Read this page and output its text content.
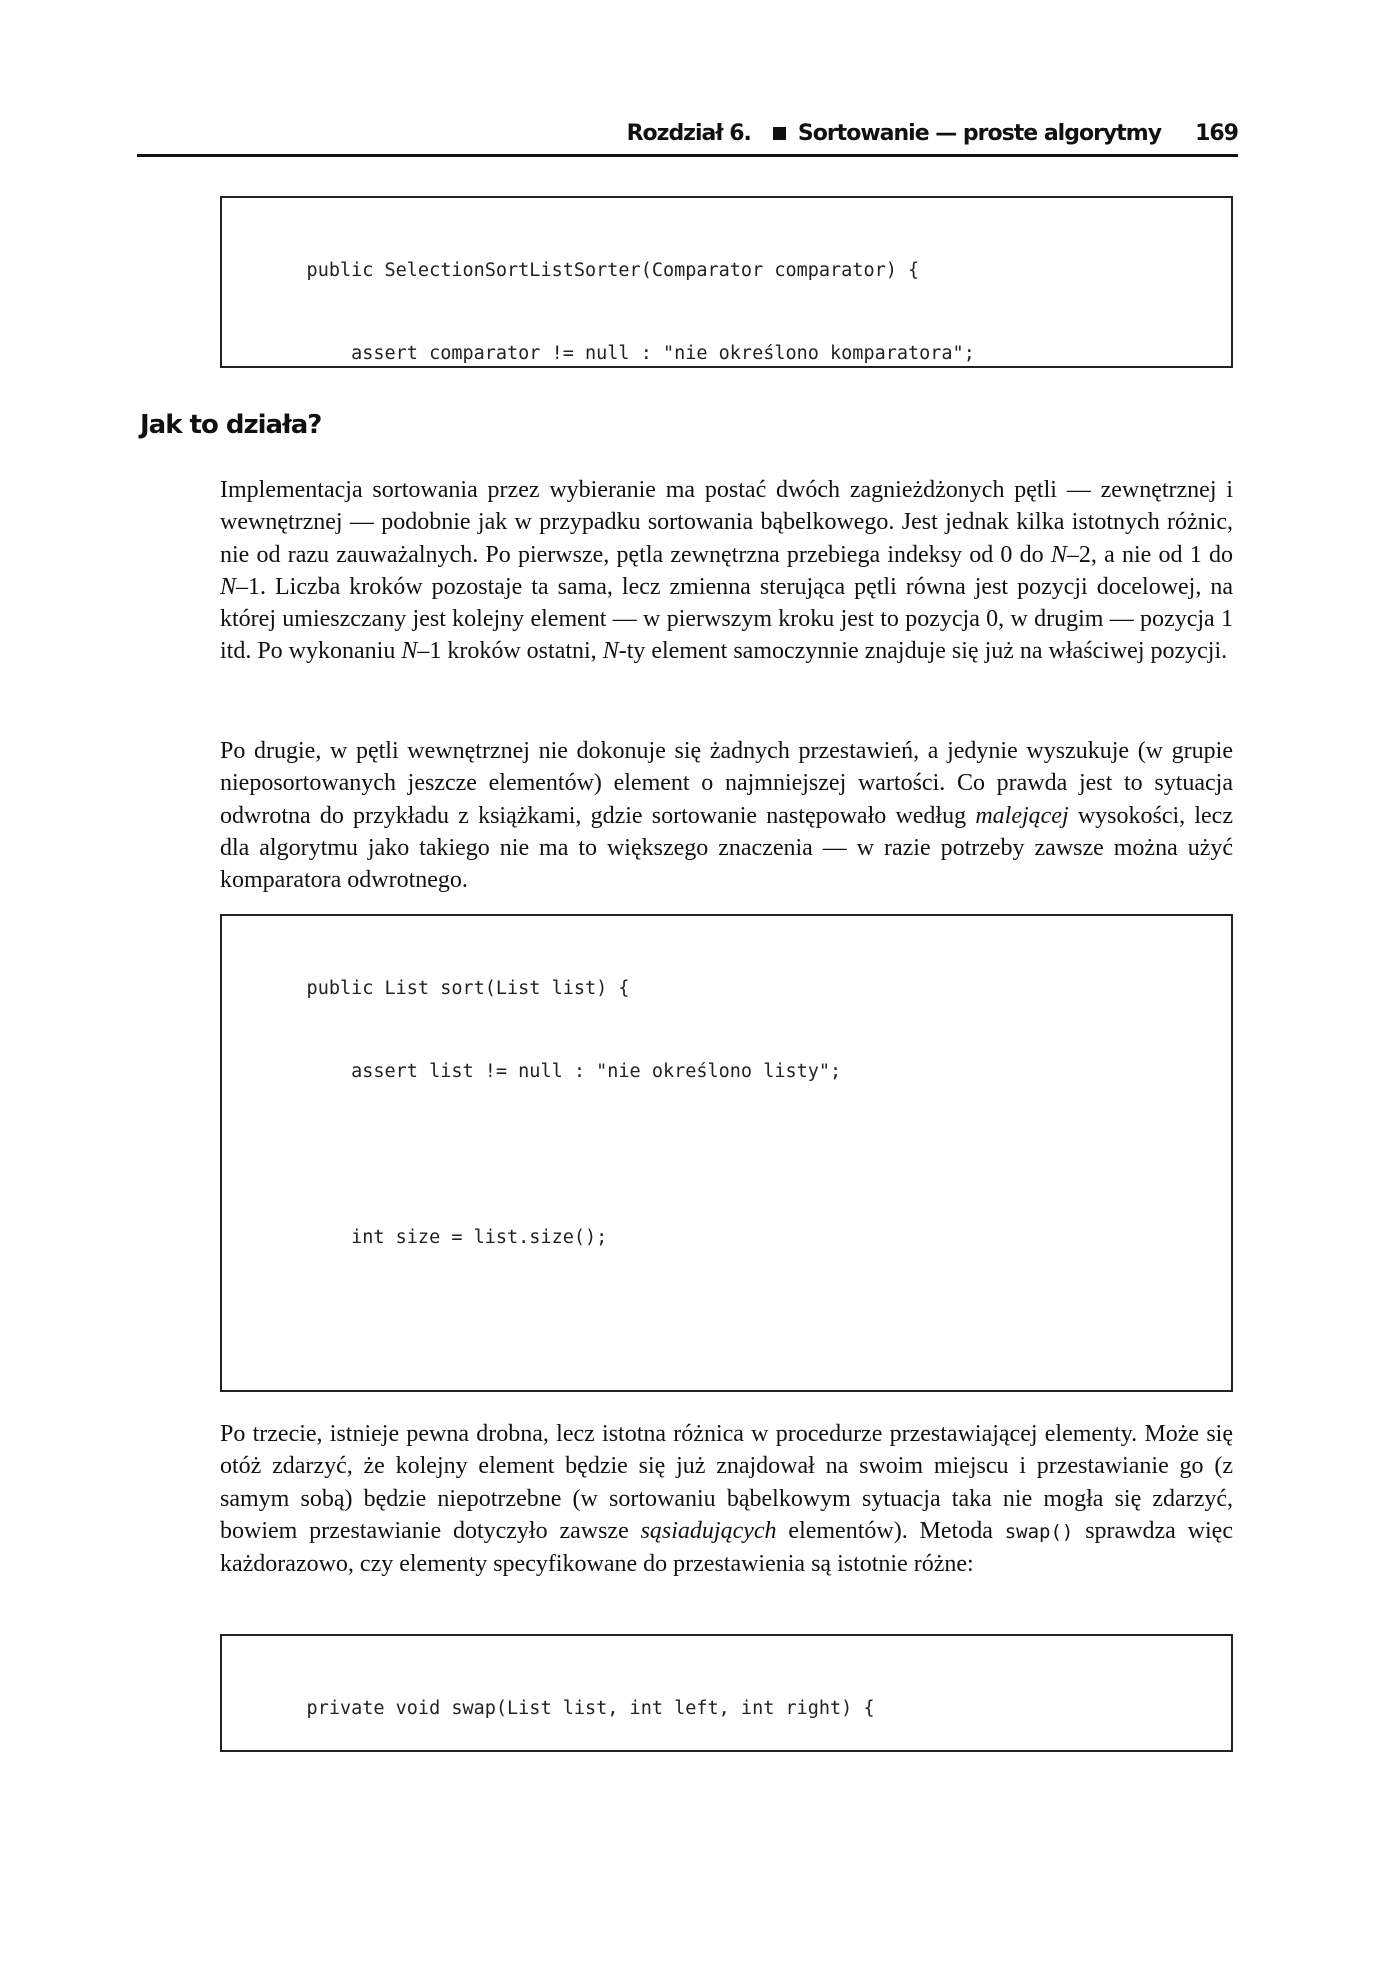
Rozdział 6. Sortowanie — proste algorytmy 169

public SelectionSortListSorter(Comparator comparator) {

assert comparator != null : "nie określono komparatora";

Jak to działa?

Implementacja sortowania przez wybieranie ma postać dwóch zagnieżdżonych pętli — zewnętrznej i wewnętrznej — podobnie jak w przypadku sortowania bąbelkowego. Jest jednak kilka istotnych różnic, nie od razu zauważalnych. Po pierwsze, pętla zewnętrzna przebiega indeksy od 0 do N–2, a nie od 1 do N–1. Liczba kroków pozostaje ta sama, lecz zmienna sterująca pętli równa jest pozycji docelowej, na której umieszczany jest kolejny element — w pierwszym kroku jest to pozycja 0, w drugim — pozycja 1 itd. Po wykonaniu N–1 kroków ostatni, N-ty element samoczynnie znajduje się już na właściwej pozycji.

Po drugie, w pętli wewnętrznej nie dokonuje się żadnych przestawień, a jedynie wyszukuje (w grupie nieposortowanych jeszcze elementów) element o najmniejszej wartości. Co prawda jest to sytuacja odwrotna do przykładu z książkami, gdzie sortowanie następowało według malejącej wysokości, lecz dla algorytmu jako takiego nie ma to większego znaczenia — w razie potrzeby zawsze można użyć komparatora odwrotnego.

public List sort(List list) {

assert list != null : "nie określono listy";

int size = list.size();

Po trzecie, istnieje pewna drobna, lecz istotna różnica w procedurze przestawiającej elementy. Może się otóż zdarzyć, że kolejny element będzie się już znajdował na swoim miejscu i przestawianie go (z samym sobą) będzie niepotrzebne (w sortowaniu bąbelkowym sytuacja taka nie mogła się zdarzyć, bowiem przestawianie dotyczyło zawsze sąsiadujących elementów). Metoda swap() sprawdza więc każdorazowo, czy elementy specyfikowane do przestawienia są istotnie różne:

private void swap(List list, int left, int right) {
